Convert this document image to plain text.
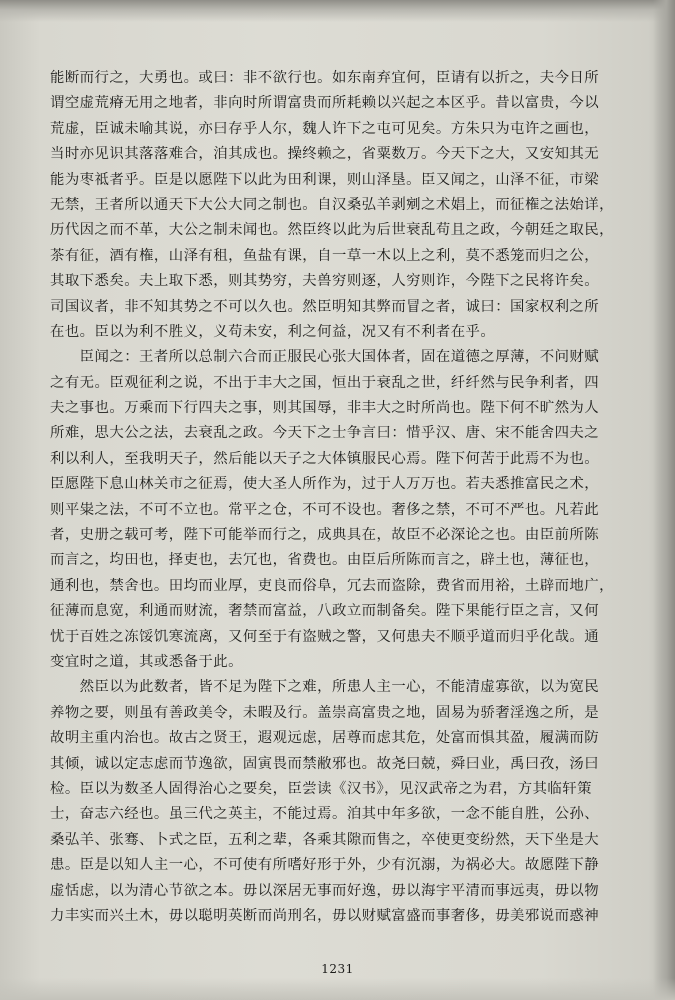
能断而行之，大勇也。或曰：非不欲行也。如东南弃宜何，臣请有以折之，夫今日所
谓空虚荒瘠无用之地者，非向时所谓富贵而所耗赖以兴起之本区乎。昔以富贵，今以
荒虚，臣诚未喻其说，亦曰存乎人尔，魏人许下之屯可见矣。方朱只为屯许之画也，
当时亦见识其落落难合，洎其成也。操终赖之，省粟数万。今天下之大，又安知其无
能为枣祗者乎。臣是以愿陛下以此为田利课，则山泽垦。臣又闻之，山泽不征，市梁
无禁，王者所以通天下大公大同之制也。自汉桑弘羊剥剜之术娼上，而征権之法始详，
历代因之而不革，大公之制未闻也。然臣终以此为后世衰乱苟且之政，今朝廷之取民，
茶有征，酒有権，山泽有租，鱼盐有课，自一草一木以上之利，莫不悉笼而归之公，
其取下悉矣。夫上取下悉，则其势穷，夫兽穷则逐，人穷则诈，今陛下之民将许矣。
司国议者，非不知其势之不可以久也。然臣明知其弊而冒之者，诚曰：国家权利之所
在也。臣以为利不胜义，义苟未安，利之何益，况又有不利者在乎。
　　臣闻之：王者所以总制六合而正服民心张大国体者，固在道德之厚薄，不问财赋
之有无。臣观征利之说，不出于丰大之国，恒出于衰乱之世，纤纤然与民争利者，四
夫之事也。万乘而下行四夫之事，则其国辱，非丰大之时所尚也。陛下何不旷然为人
所难，思大公之法，去衰乱之政。今天下之士争言曰：惜乎汉、唐、宋不能舍四夫之
利以利人，至我明天子，然后能以天子之大体镇服民心焉。陛下何苦于此焉不为也。
臣愿陛下息山林关市之征焉，使大圣人所作为，过于人万万也。若夫悉推富民之术，
则平粜之法，不可不立也。常平之仓，不可不设也。奢侈之禁，不可不严也。凡若此
者，史册之载可考，陛下可能举而行之，成典具在，故臣不必深论之也。由臣前所陈
而言之，均田也，择吏也，去冗也，省费也。由臣后所陈而言之，辟土也，薄征也，
通利也，禁舍也。田均而业厚，吏良而俗阜，冗去而盗除，费省而用裕，土辟而地广，
征薄而息宽，利通而财流，奢禁而富益，八政立而制备矣。陛下果能行臣之言，又何
忧于百姓之冻馁饥寒流离，又何至于有盗贼之警，又何患夫不顺乎道而归乎化哉。通
变宜时之道，其或悉备于此。
　　然臣以为此数者，皆不足为陛下之难，所患人主一心，不能清虚寡欲，以为宽民
养物之要，则虽有善政美令，未暇及行。盖崇高富贵之地，固易为骄奢淫逸之所，是
故明主重内治也。故古之贤王，遐观远虑，居尊而虑其危，处富而惧其盈，履满而防
其倾，诚以定志虑而节逸欲，固寅畏而禁敝邪也。故尧曰兢，舜曰业，禹曰孜，汤曰
检。臣以为数圣人固得治心之要矣，臣尝读《汉书》，见汉武帝之为君，方其临轩策
士，奋志六经也。虽三代之英主，不能过焉。洎其中年多欲，一念不能自胜，公孙、
桑弘羊、张骞、卜式之臣，五利之辈，各乘其隙而售之，卒使更变纷然，天下坐是大
患。臣是以知人主一心，不可使有所嗜好形于外，少有沉溺，为祸必大。故愿陛下静
虚恬虑，以为清心节欲之本。毋以深居无事而好逸，毋以海宇平清而事远夷，毋以物
力丰实而兴土木，毋以聪明英断而尚刑名，毋以财赋富盛而事奢侈，毋美邪说而惑神
1231
